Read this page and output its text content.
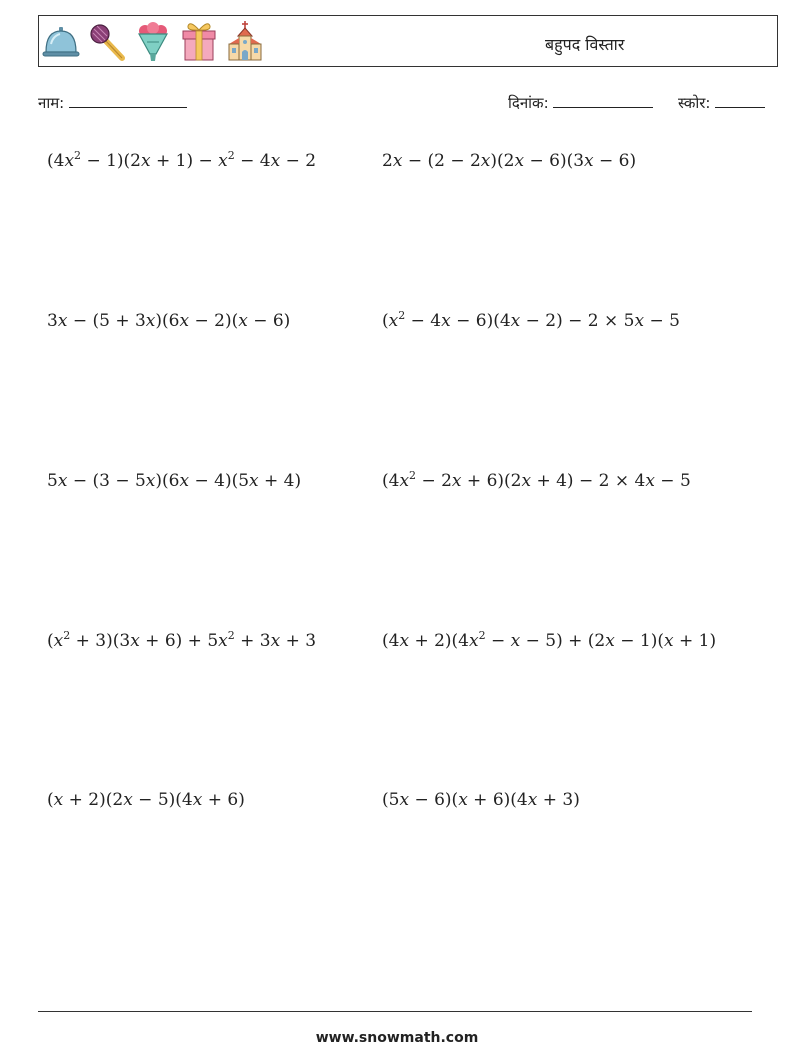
बहुपद विस्तार
नाम:	दिनांक:	स्कोर:
$(4x^2 - 1)(2x + 1) - x^2 - 4x - 2$	2x − (2 − 2x)(2x − 6)(3x − 6)
3x − (5 + 3x)(6x − 2)(x − 6)	$(x^2 - 4x - 6)(4x - 2) - 2 \times 5x - 5$
5x − (3 − 5x)(6x − 4)(5x + 4)	$(4x^2 - 2x + 6)(2x + 4) - 2 \times 4x - 5$
$(x^2 + 3)(3x + 6) + 5x^2 + 3x + 3$	$(4x + 2)(4x^2 - x - 5) + (2x - 1)(x + 1)$
(x + 2)(2x − 5)(4x + 6)	(5x − 6)(x + 6)(4x + 3)
www.snowmath.com
